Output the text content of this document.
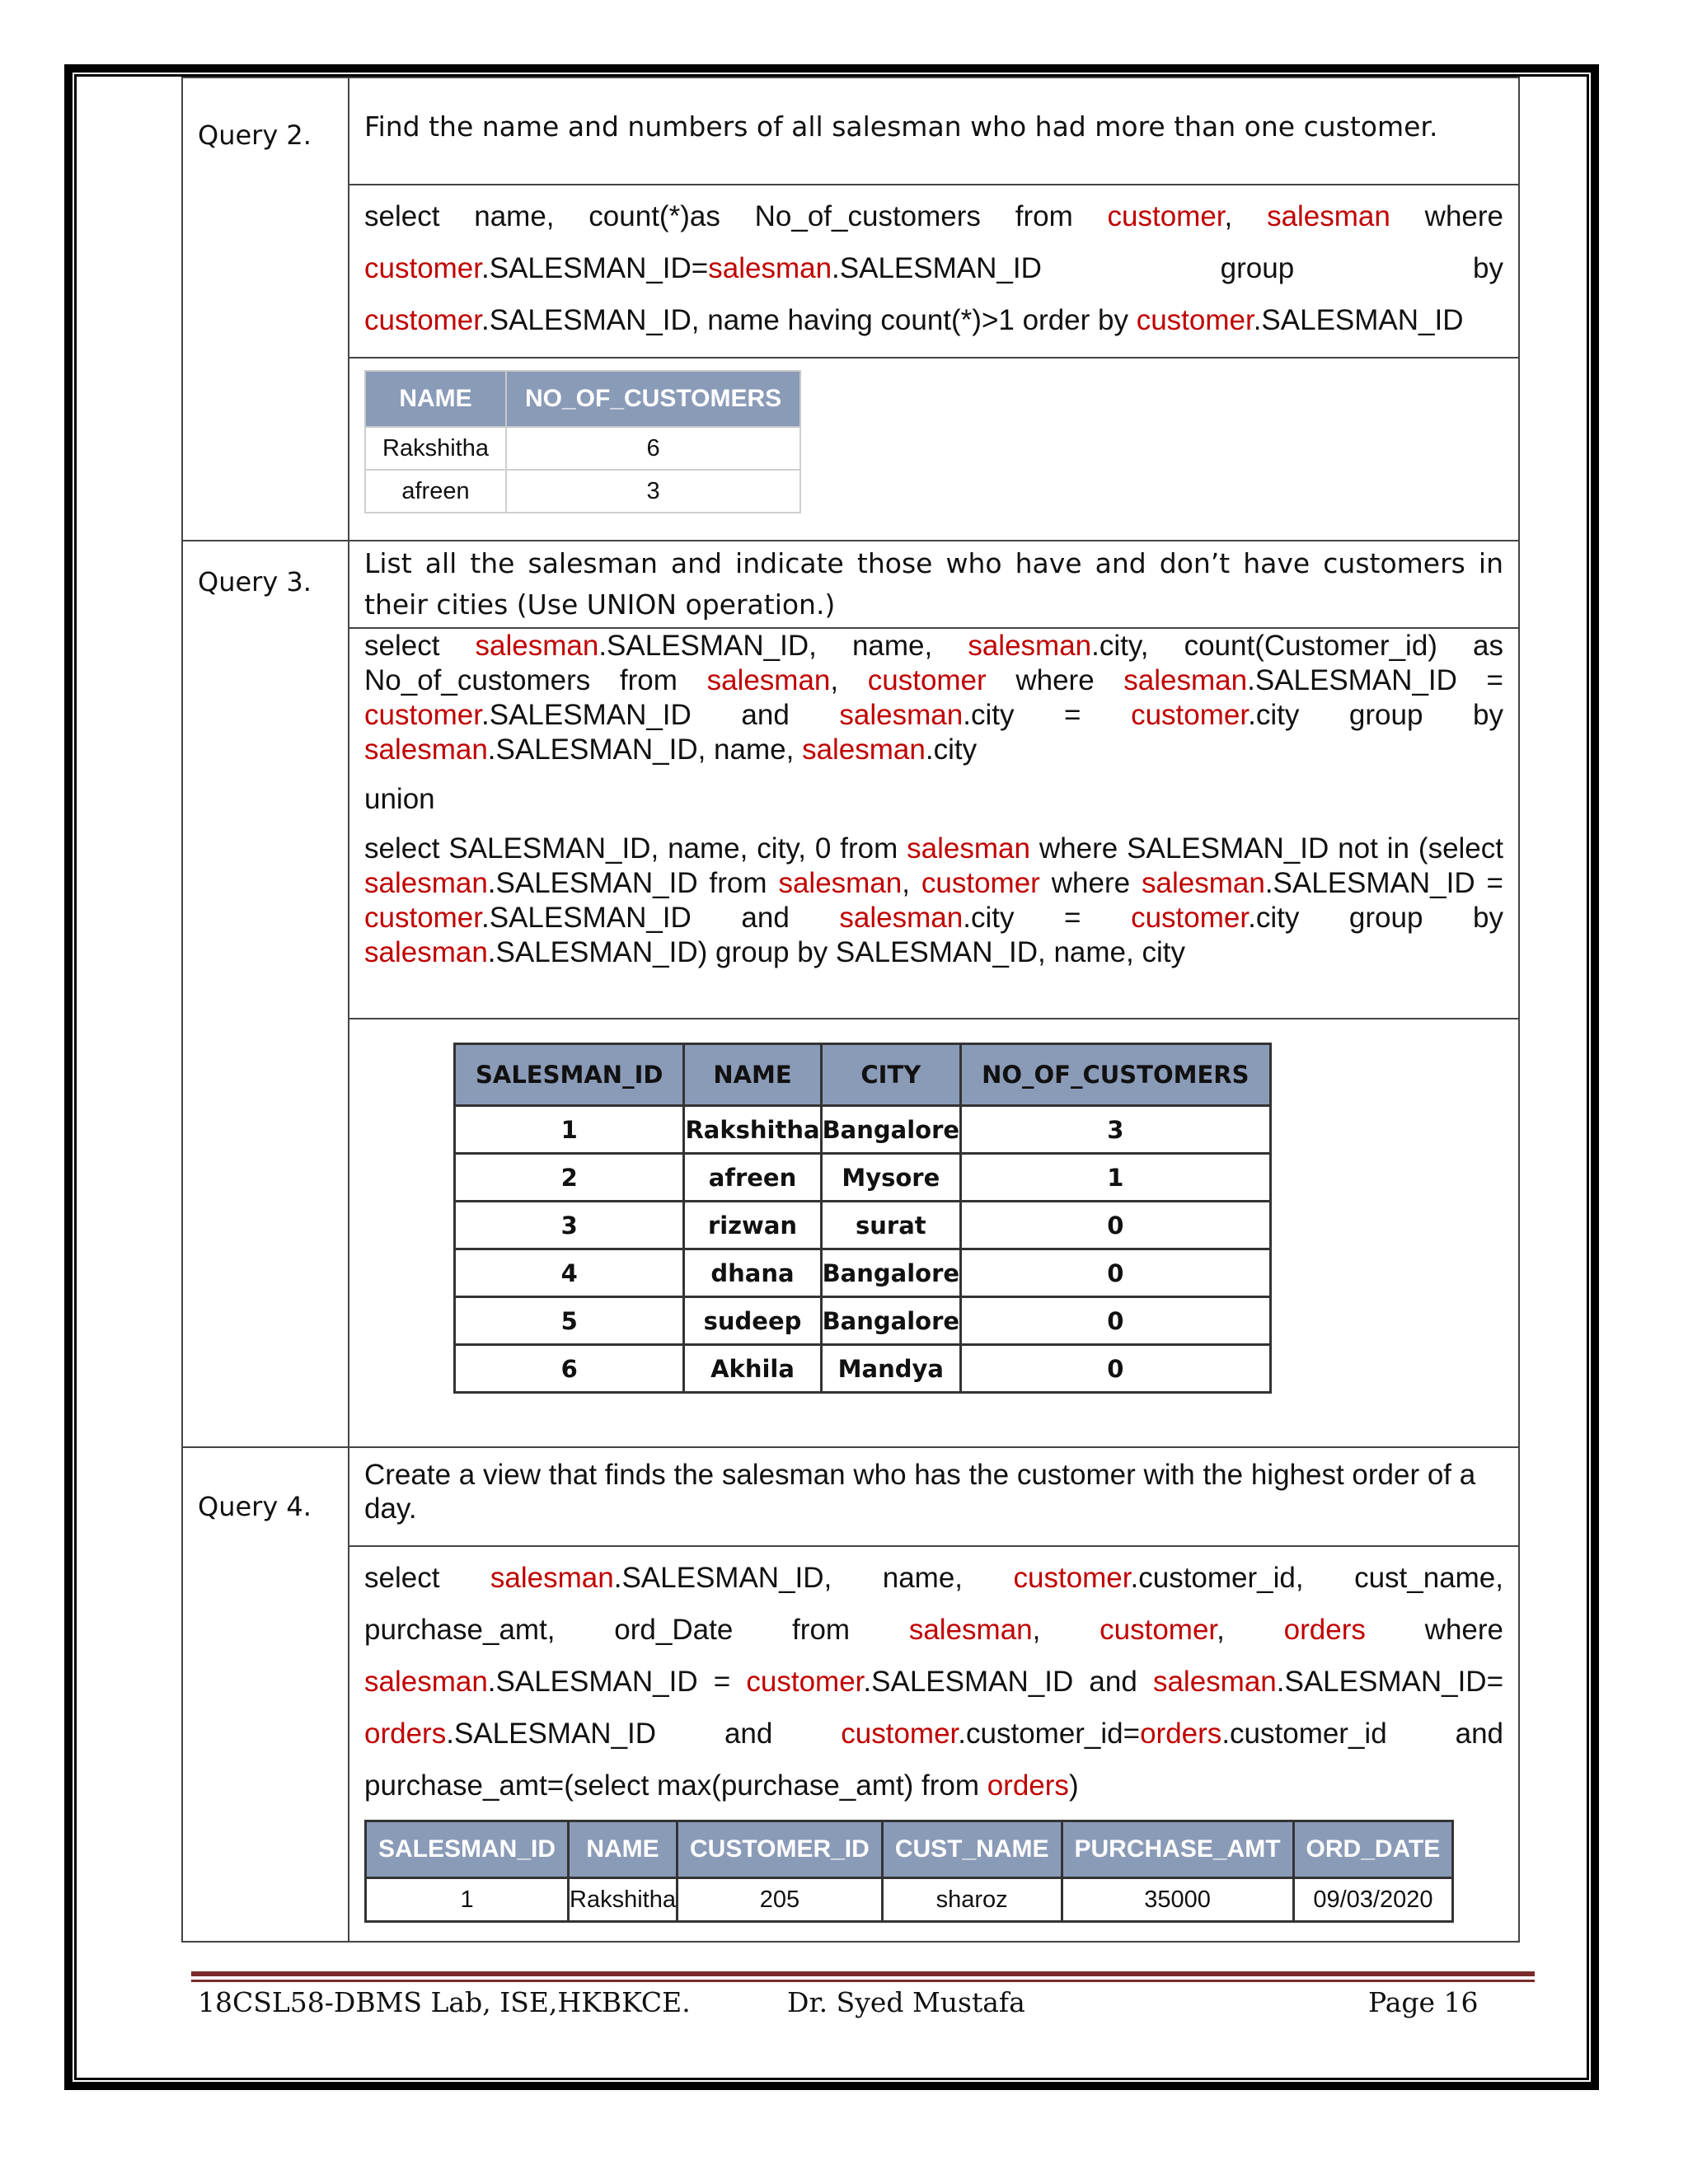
Query 2.	Find the name and numbers of all salesman who had more than one customer.

select name, count(*)as No_of_customers from customer, salesman where customer.SALESMAN_ID=salesman.SALESMAN_ID group by customer.SALESMAN_ID, name having count(*)>1 order by customer.SALESMAN_ID

NAME	NO_OF_CUSTOMERS
Rakshitha	6
afreen	3

Query 3.	
List all the salesman and indicate those who have and don’t have customers in their cities (Use UNION operation.)

select salesman.SALESMAN_ID, name, salesman.city, count(Customer_id) as No_of_customers from salesman, customer where salesman.SALESMAN_ID = customer.SALESMAN_ID and salesman.city = customer.city group by salesman.SALESMAN_ID, name, salesman.city
union
select SALESMAN_ID, name, city, 0 from salesman where SALESMAN_ID not in (select salesman.SALESMAN_ID from salesman, customer where salesman.SALESMAN_ID = customer.SALESMAN_ID and salesman.city = customer.city group by salesman.SALESMAN_ID) group by SALESMAN_ID, name, city

SALESMAN_ID	NAME	CITY	NO_OF_CUSTOMERS
1	Rakshitha	Bangalore	3
2	afreen	Mysore	1
3	rizwan	surat	0
4	dhana	Bangalore	0
5	sudeep	Bangalore	0
6	Akhila	Mandya	0

Query 4.	
Create a view that finds the salesman who has the customer with the highest order of a day.

select salesman.SALESMAN_ID, name, customer.customer_id, cust_name, purchase_amt, ord_Date from salesman, customer, orders where salesman.SALESMAN_ID = customer.SALESMAN_ID and salesman.SALESMAN_ID= orders.SALESMAN_ID and customer.customer_id=orders.customer_id and purchase_amt=(select max(purchase_amt) from orders)
SALESMAN_ID	NAME	CUSTOMER_ID	CUST_NAME	PURCHASE_AMT	ORD_DATE
1	Rakshitha	205	sharoz	35000	09/03/2020
18CSL58-DBMS Lab, ISE,HKBKCE.	Dr. Syed Mustafa	Page 16
